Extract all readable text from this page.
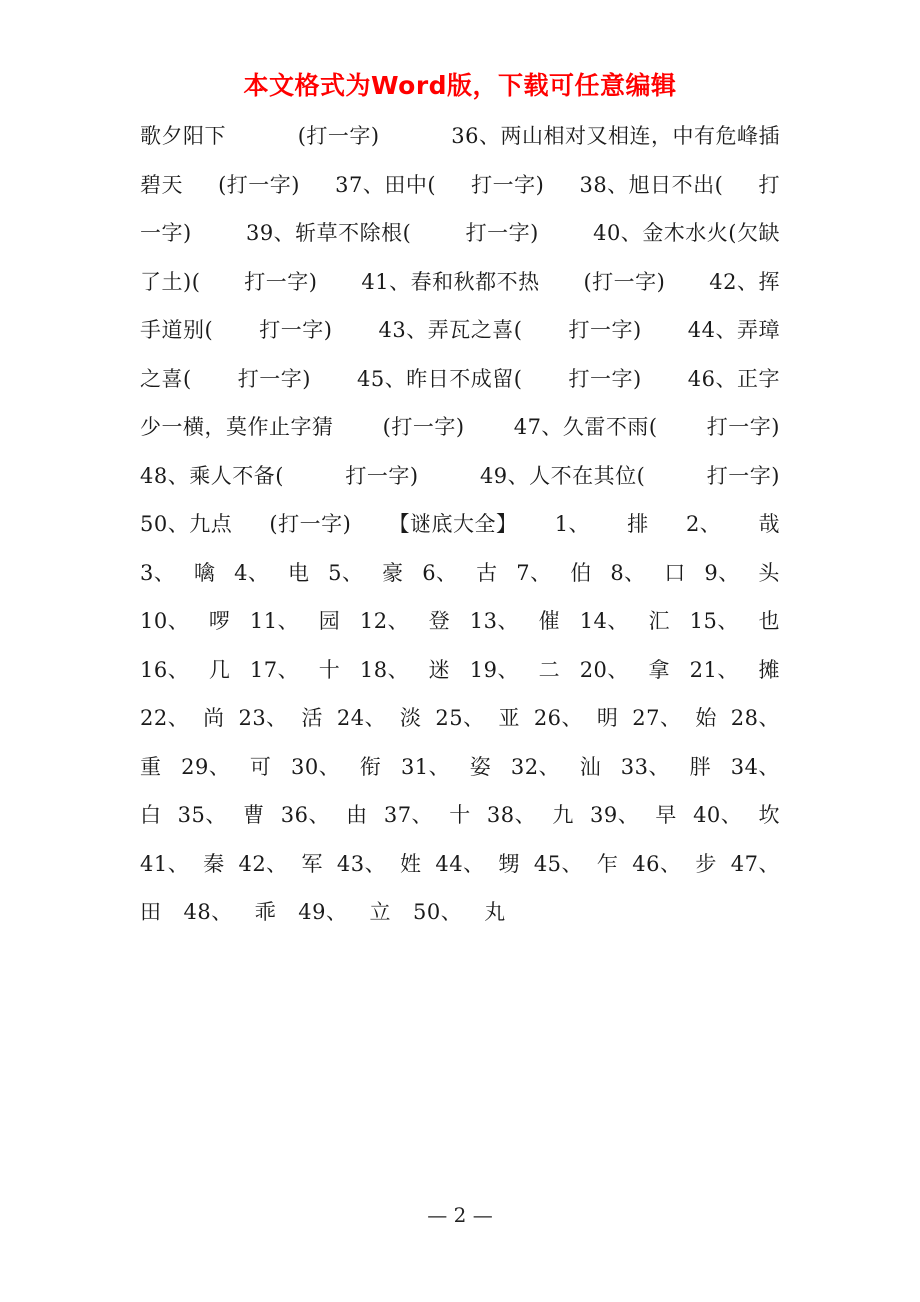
本文格式为Word版，下载可任意编辑
歌夕阳下	(打一字)	36、两山相对又相连，中有危峰插
碧天 (打一字) 37、田中( 打一字) 38、旭日不出( 打
一字)	39、斩草不除根(	打一字)	40、金木水火(欠缺
了土)( 打一字) 41、春和秋都不热 (打一字) 42、挥
手道别( 打一字) 43、弄瓦之喜( 打一字) 44、弄璋
之喜( 打一字) 45、昨日不成留( 打一字) 46、正字
少一横，莫作止字猜 (打一字) 47、久雷不雨( 打一字)
48、乘人不备(	打一字)	49、人不在其位(	打一字)
50、九点 (打一字) 【谜底大全】 1、 排 2、 哉
3、 噙 4、 电 5、 豪 6、 古 7、 伯 8、 口 9、 头
10、 啰 11、 园 12、 登 13、 催 14、 汇 15、 也
16、 几 17、 十 18、 迷 19、 二 20、 拿 21、 摊
22、 尚 23、 活 24、 淡 25、 亚 26、 明 27、 始 28、
重 29、 可 30、 衔 31、 姿 32、 汕 33、 胖 34、
白 35、 曹 36、 由 37、 十 38、 九 39、 早 40、 坎
41、 秦 42、 军 43、 姓 44、 甥 45、 乍 46、 步 47、
田 48、 乖 49、 立 50、 丸
— 2 —
